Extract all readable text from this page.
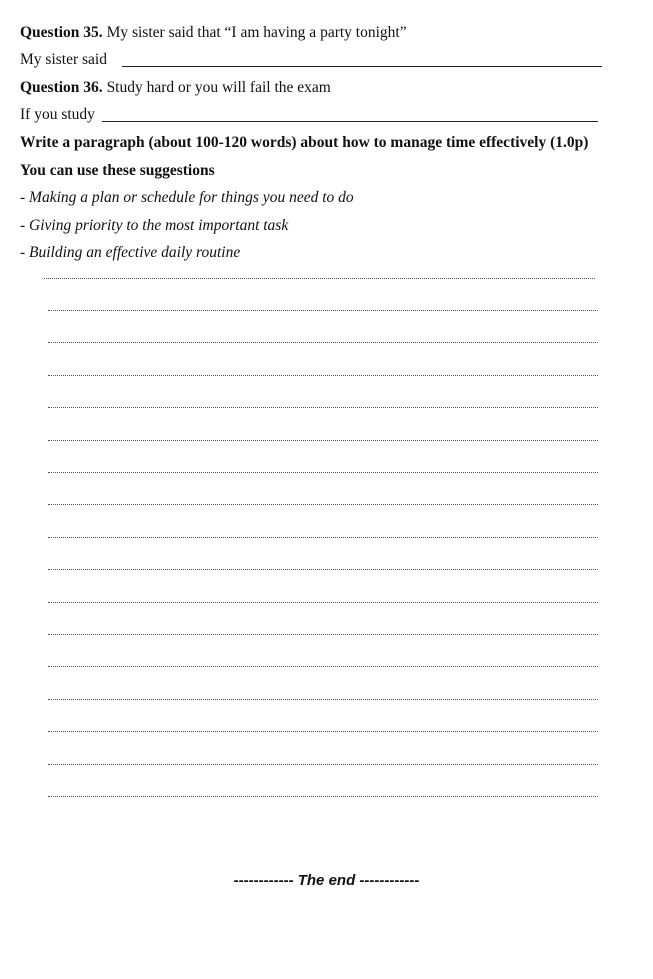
Question 35. My sister said that “I am having a party tonight”
My sister said
Question 36. Study hard or you will fail the exam
If you study
Write a paragraph (about 100-120 words) about how to manage time effectively (1.0p)
You can use these suggestions
- Making a plan or schedule for things you need to do
- Giving priority to the most important task
- Building an effective daily routine
------------ The end ------------
